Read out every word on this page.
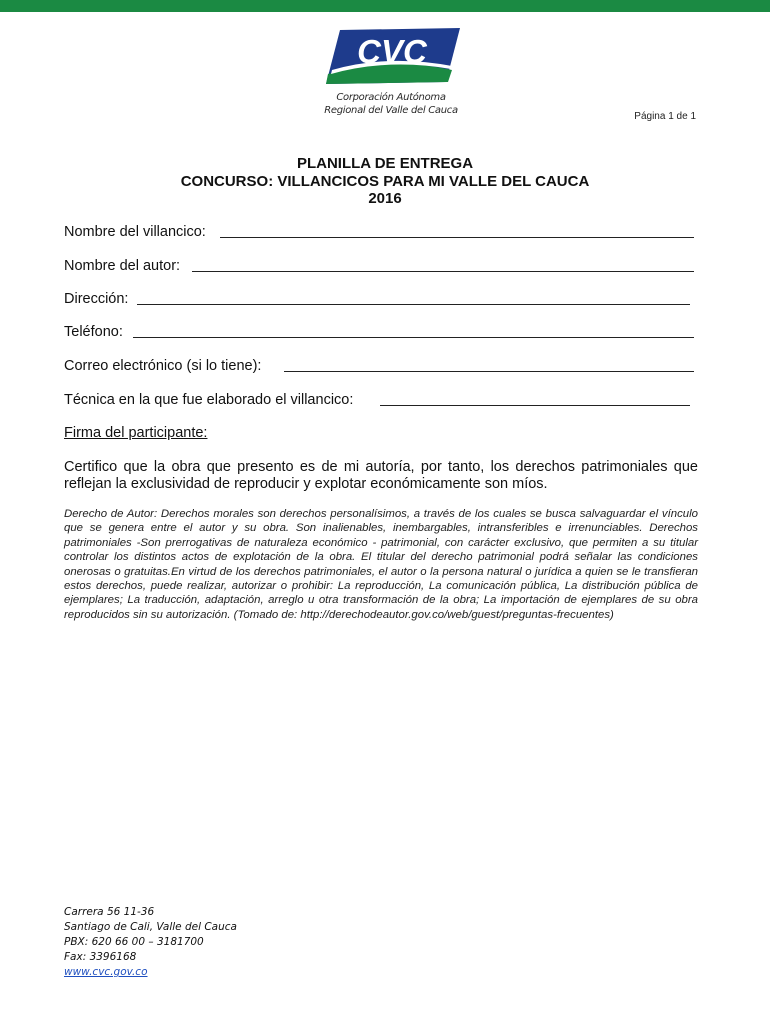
CVC
Corporación Autónoma
Regional del Valle del Cauca
Página 1 de 1
PLANILLA DE ENTREGA
CONCURSO: VILLANCICOS PARA MI VALLE DEL CAUCA
2016
Nombre del villancico:
Nombre del autor:
Dirección:
Teléfono:
Correo electrónico (si lo tiene):
Técnica en la que fue elaborado el villancico:
Firma del participante:
Certifico que la obra que presento es de mi autoría, por tanto, los derechos patrimoniales que reflejan la exclusividad de reproducir y explotar económicamente son míos.
Derecho de Autor: Derechos morales son derechos personalísimos, a través de los cuales se busca salvaguardar el vínculo que se genera entre el autor y su obra. Son inalienables, inembargables, intransferibles e irrenunciables. Derechos patrimoniales -Son prerrogativas de naturaleza económico - patrimonial, con carácter exclusivo, que permiten a su titular controlar los distintos actos de explotación de la obra. El titular del derecho patrimonial podrá señalar las condiciones onerosas o gratuitas.En virtud de los derechos patrimoniales, el autor o la persona natural o jurídica a quien se le transfieran estos derechos, puede realizar, autorizar o prohibir: La reproducción, La comunicación pública, La distribución pública de ejemplares; La traducción, adaptación, arreglo u otra transformación de la obra; La importación de ejemplares de su obra reproducidos sin su autorización. (Tomado de: http://derechodeautor.gov.co/web/guest/preguntas-frecuentes)
Carrera 56 11-36
Santiago de Cali, Valle del Cauca
PBX: 620 66 00 – 3181700
Fax: 3396168
www.cvc.gov.co
